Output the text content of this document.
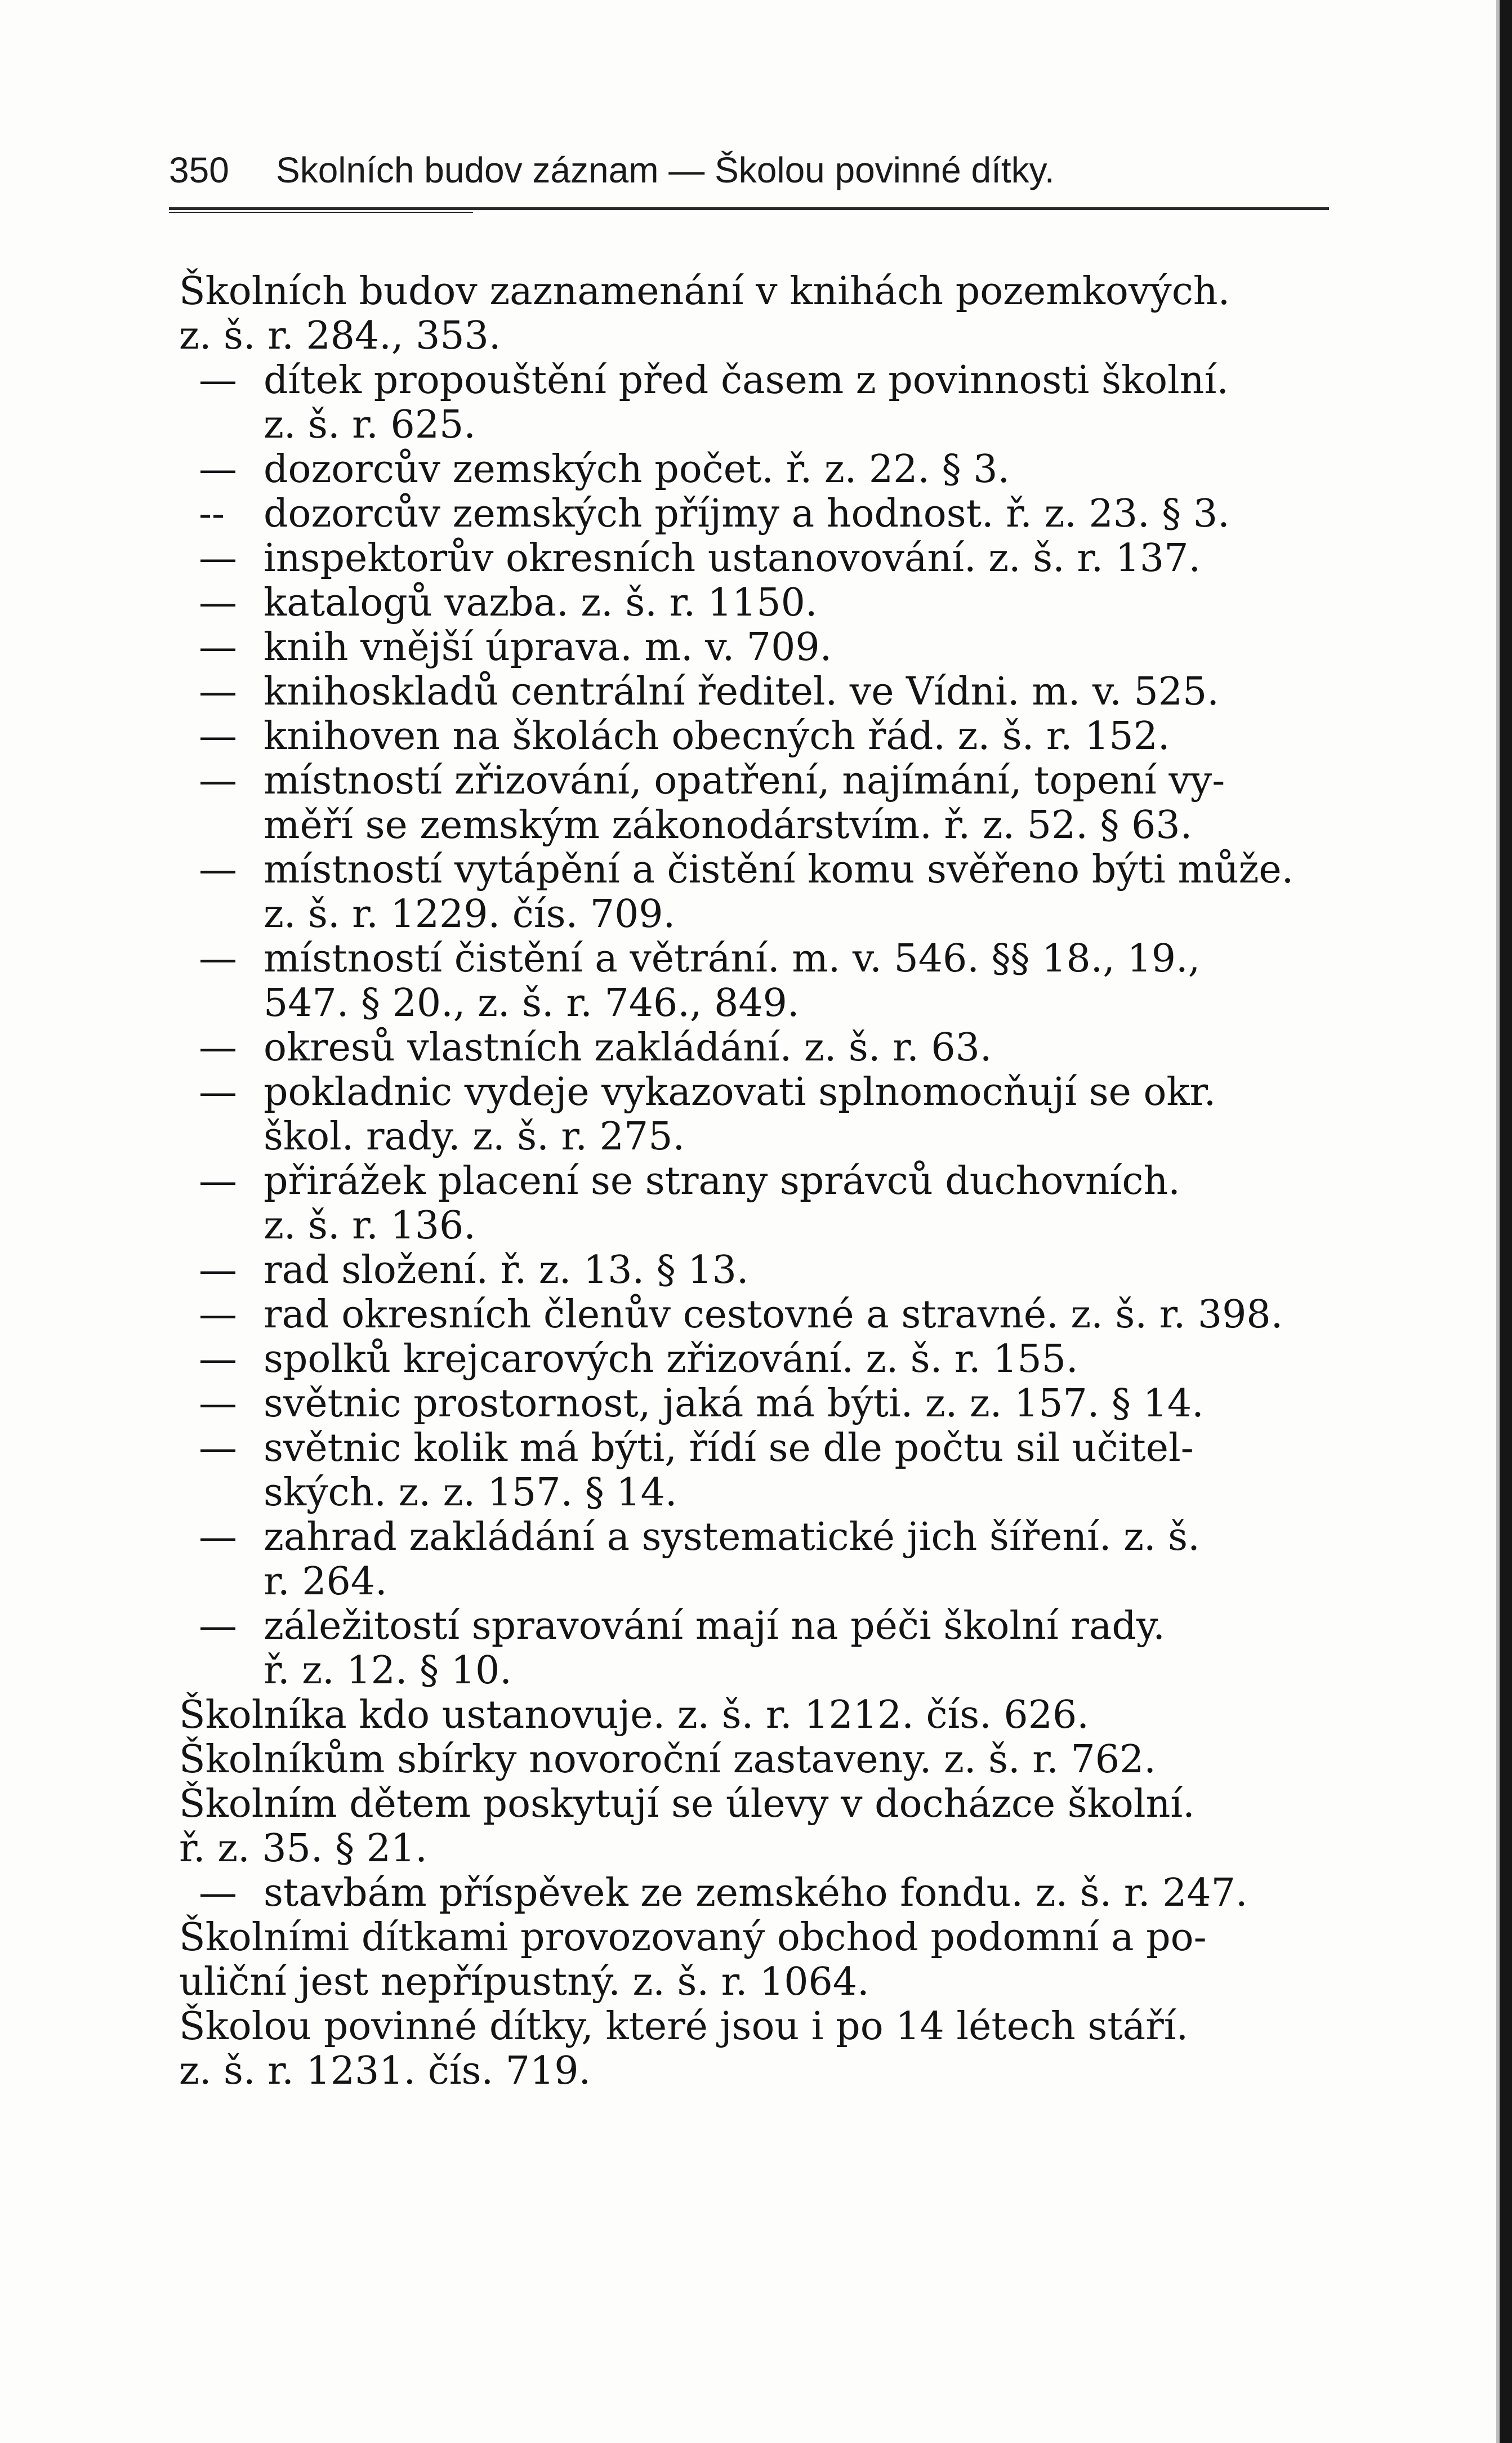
350 Skolních budov záznam — Školou povinné dítky.
Školních budov zaznamenání v knihách pozemkových.
z. š. r. 284., 353.
— dítek propouštění před časem z povinnosti školní.
z. š. r. 625.
— dozorcův zemských počet. ř. z. 22. § 3.
--	dozorcův zemských příjmy a hodnost. ř. z. 23. § 3.
— inspektorův okresních ustanovování. z. š. r. 137.
— katalogů vazba. z. š. r. 1150.
— knih vnější úprava. m. v. 709.
— knihoskladů centrální ředitel. ve Vídni. m. v. 525.
— knihoven na školách obecných řád. z. š. r. 152.
— místností zřizování, opatření, najímání, topení vy-
měří se zemským zákonodárstvím. ř. z. 52. § 63.
— místností vytápění a čistění komu svěřeno býti může.
z. š. r. 1229. čís. 709.
— místností čistění a větrání. m. v. 546. §§ 18., 19.,
547. § 20., z. š. r. 746., 849.
— okresů vlastních zakládání. z. š. r. 63.
— pokladnic vydeje vykazovati splnomocňují se okr.
škol. rady. z. š. r. 275.
— přirážek placení se strany správců duchovních.
z. š. r. 136.
— rad složení. ř. z. 13. § 13.
— rad okresních členův cestovné a stravné. z. š. r. 398.
— spolků krejcarových zřizování. z. š. r. 155.
— světnic prostornost, jaká má býti. z. z. 157. § 14.
— světnic kolik má býti, řídí se dle počtu sil učitel-
ských. z. z. 157. § 14.
— zahrad zakládání a systematické jich šíření. z. š.
r. 264.
— záležitostí spravování mají na péči školní rady.
ř. z. 12. § 10.
Školníka kdo ustanovuje. z. š. r. 1212. čís. 626.
Školníkům sbírky novoroční zastaveny. z. š. r. 762.
Školním dětem poskytují se úlevy v docházce školní.
ř. z. 35. § 21.
— stavbám příspěvek ze zemského fondu. z. š. r. 247.
Školními dítkami provozovaný obchod podomní a po-
uliční jest nepřípustný. z. š. r. 1064.
Školou povinné dítky, které jsou i po 14 létech stáří.
z. š. r. 1231. čís. 719.
